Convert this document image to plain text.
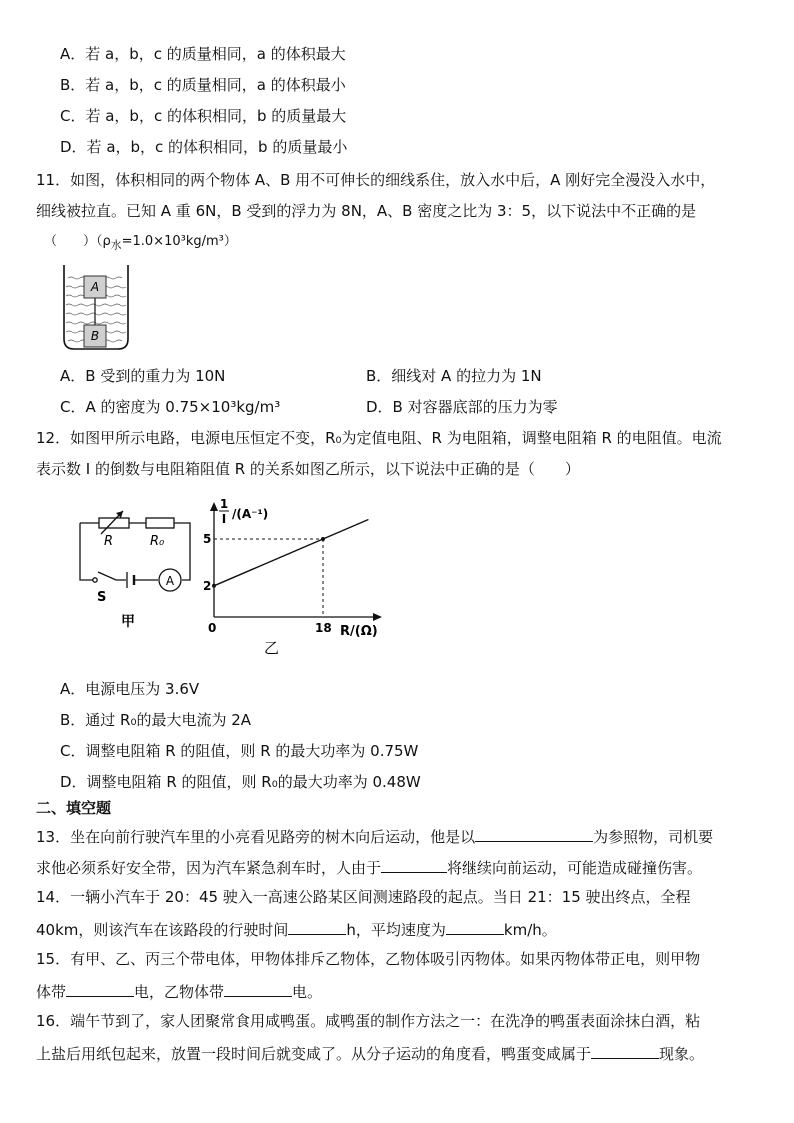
A．若 a，b，c 的质量相同，a 的体积最大
B．若 a，b，c 的质量相同，a 的体积最小
C．若 a，b，c 的体积相同，b 的质量最大
D．若 a，b，c 的体积相同，b 的质量最小
11．如图，体积相同的两个物体 A、B 用不可伸长的细线系住，放入水中后，A 刚好完全漫没入水中，
细线被拉直。已知 A 重 6N，B 受到的浮力为 8N，A、B 密度之比为 3：5，以下说法中不正确的是
（　　）$(\rho_水=1.0\times 10^3kg/m^3)$
A
B
A．B 受到的重力为 10N	B．细线对 A 的拉力为 1N
C．A 的密度为 0.75×10³kg/m³	D．B 对容器底部的压力为零
12．如图甲所示电路，电源电压恒定不变，R₀为定值电阻、R 为电阻箱，调整电阻箱 R 的电阻值。电流
表示数 I 的倒数与电阻箱阻值 R 的关系如图乙所示，以下说法中正确的是（　　）
R	R₀
A
S
甲
2
5
18
1
I /(A⁻¹)
R/(Ω)
0
乙
A．电源电压为 3.6V
B．通过 R₀的最大电流为 2A
C．调整电阻箱 R 的阻值，则 R 的最大功率为 0.75W
D．调整电阻箱 R 的阻值，则 R₀的最大功率为 0.48W
二、填空题
13．坐在向前行驶汽车里的小亮看见路旁的树木向后运动，他是以	为参照物，司机要
求他必须系好安全带，因为汽车紧急刹车时，人由于	将继续向前运动，可能造成碰撞伤害。
14．一辆小汽车于 20：45 驶入一高速公路某区间测速路段的起点。当日 21：15 驶出终点，全程
40km，则该汽车在该路段的行驶时间	h，平均速度为	km/h。
15．有甲、乙、丙三个带电体，甲物体排斥乙物体，乙物体吸引丙物体。如果丙物体带正电，则甲物
体带	电，乙物体带	电。
16．端午节到了，家人团聚常食用咸鸭蛋。咸鸭蛋的制作方法之一：在洗净的鸭蛋表面涂抹白酒，粘
上盐后用纸包起来，放置一段时间后就变咸了。从分子运动的角度看，鸭蛋变咸属于	现象。
